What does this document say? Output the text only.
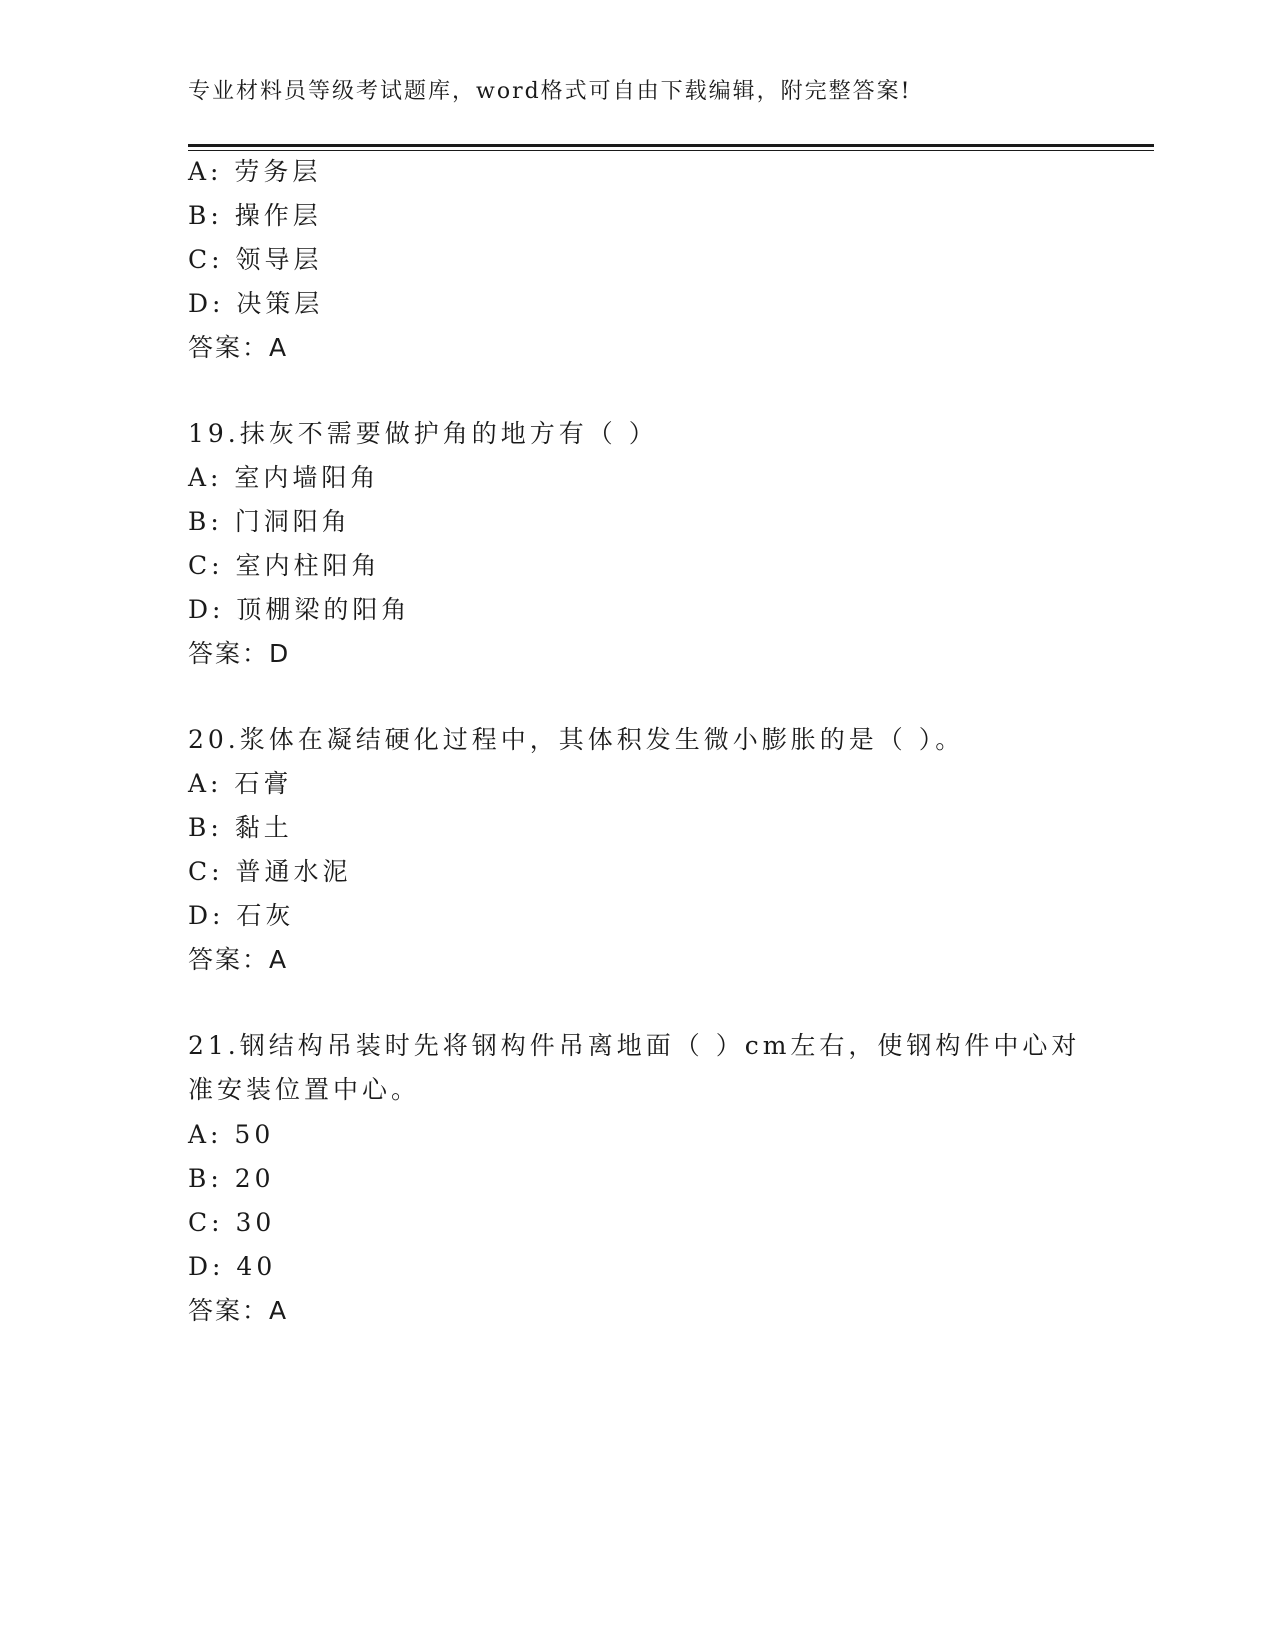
专业材料员等级考试题库，word格式可自由下载编辑，附完整答案!
A: 劳务层
B: 操作层
C: 领导层
D: 决策层
答案：A
19.抹灰不需要做护角的地方有（ ）
A: 室内墙阳角
B: 门洞阳角
C: 室内柱阳角
D: 顶棚梁的阳角
答案：D
20.浆体在凝结硬化过程中，其体积发生微小膨胀的是（ ）。
A: 石膏
B: 黏土
C: 普通水泥
D: 石灰
答案：A
21.钢结构吊装时先将钢构件吊离地面（ ）cm左右，使钢构件中心对
准安装位置中心。
A: 50
B: 20
C: 30
D: 40
答案：A
